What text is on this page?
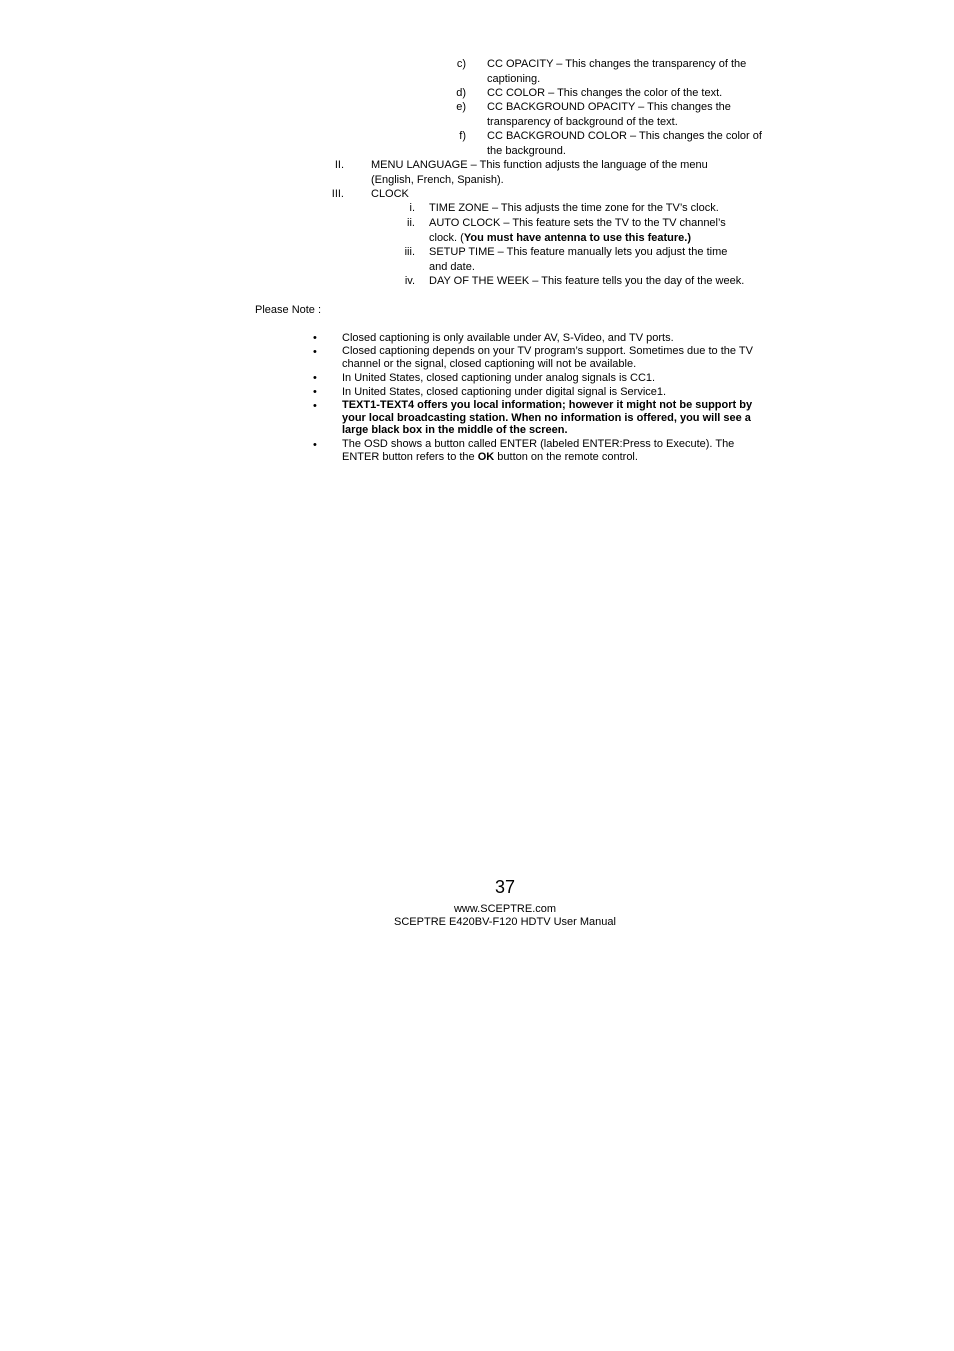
c) CC OPACITY – This changes the transparency of the captioning.
d) CC COLOR – This changes the color of the text.
e) CC BACKGROUND OPACITY – This changes the transparency of background of the text.
f) CC BACKGROUND COLOR – This changes the color of the background.
II. MENU LANGUAGE – This function adjusts the language of the menu (English, French, Spanish).
III. CLOCK
i. TIME ZONE – This adjusts the time zone for the TV’s clock.
ii. AUTO CLOCK – This feature sets the TV to the TV channel’s clock. (You must have antenna to use this feature.)
iii. SETUP TIME – This feature manually lets you adjust the time and date.
iv. DAY OF THE WEEK – This feature tells you the day of the week.
Please Note :
• Closed captioning is only available under AV, S-Video, and TV ports.
• Closed captioning depends on your TV program’s support. Sometimes due to the TV channel or the signal, closed captioning will not be available.
• In United States, closed captioning under analog signals is CC1.
• In United States, closed captioning under digital signal is Service1.
• TEXT1-TEXT4 offers you local information; however it might not be support by your local broadcasting station. When no information is offered, you will see a large black box in the middle of the screen.
• The OSD shows a button called ENTER (labeled ENTER:Press to Execute). The ENTER button refers to the OK button on the remote control.
37
www.SCEPTRE.com
SCEPTRE E420BV-F120 HDTV User Manual
